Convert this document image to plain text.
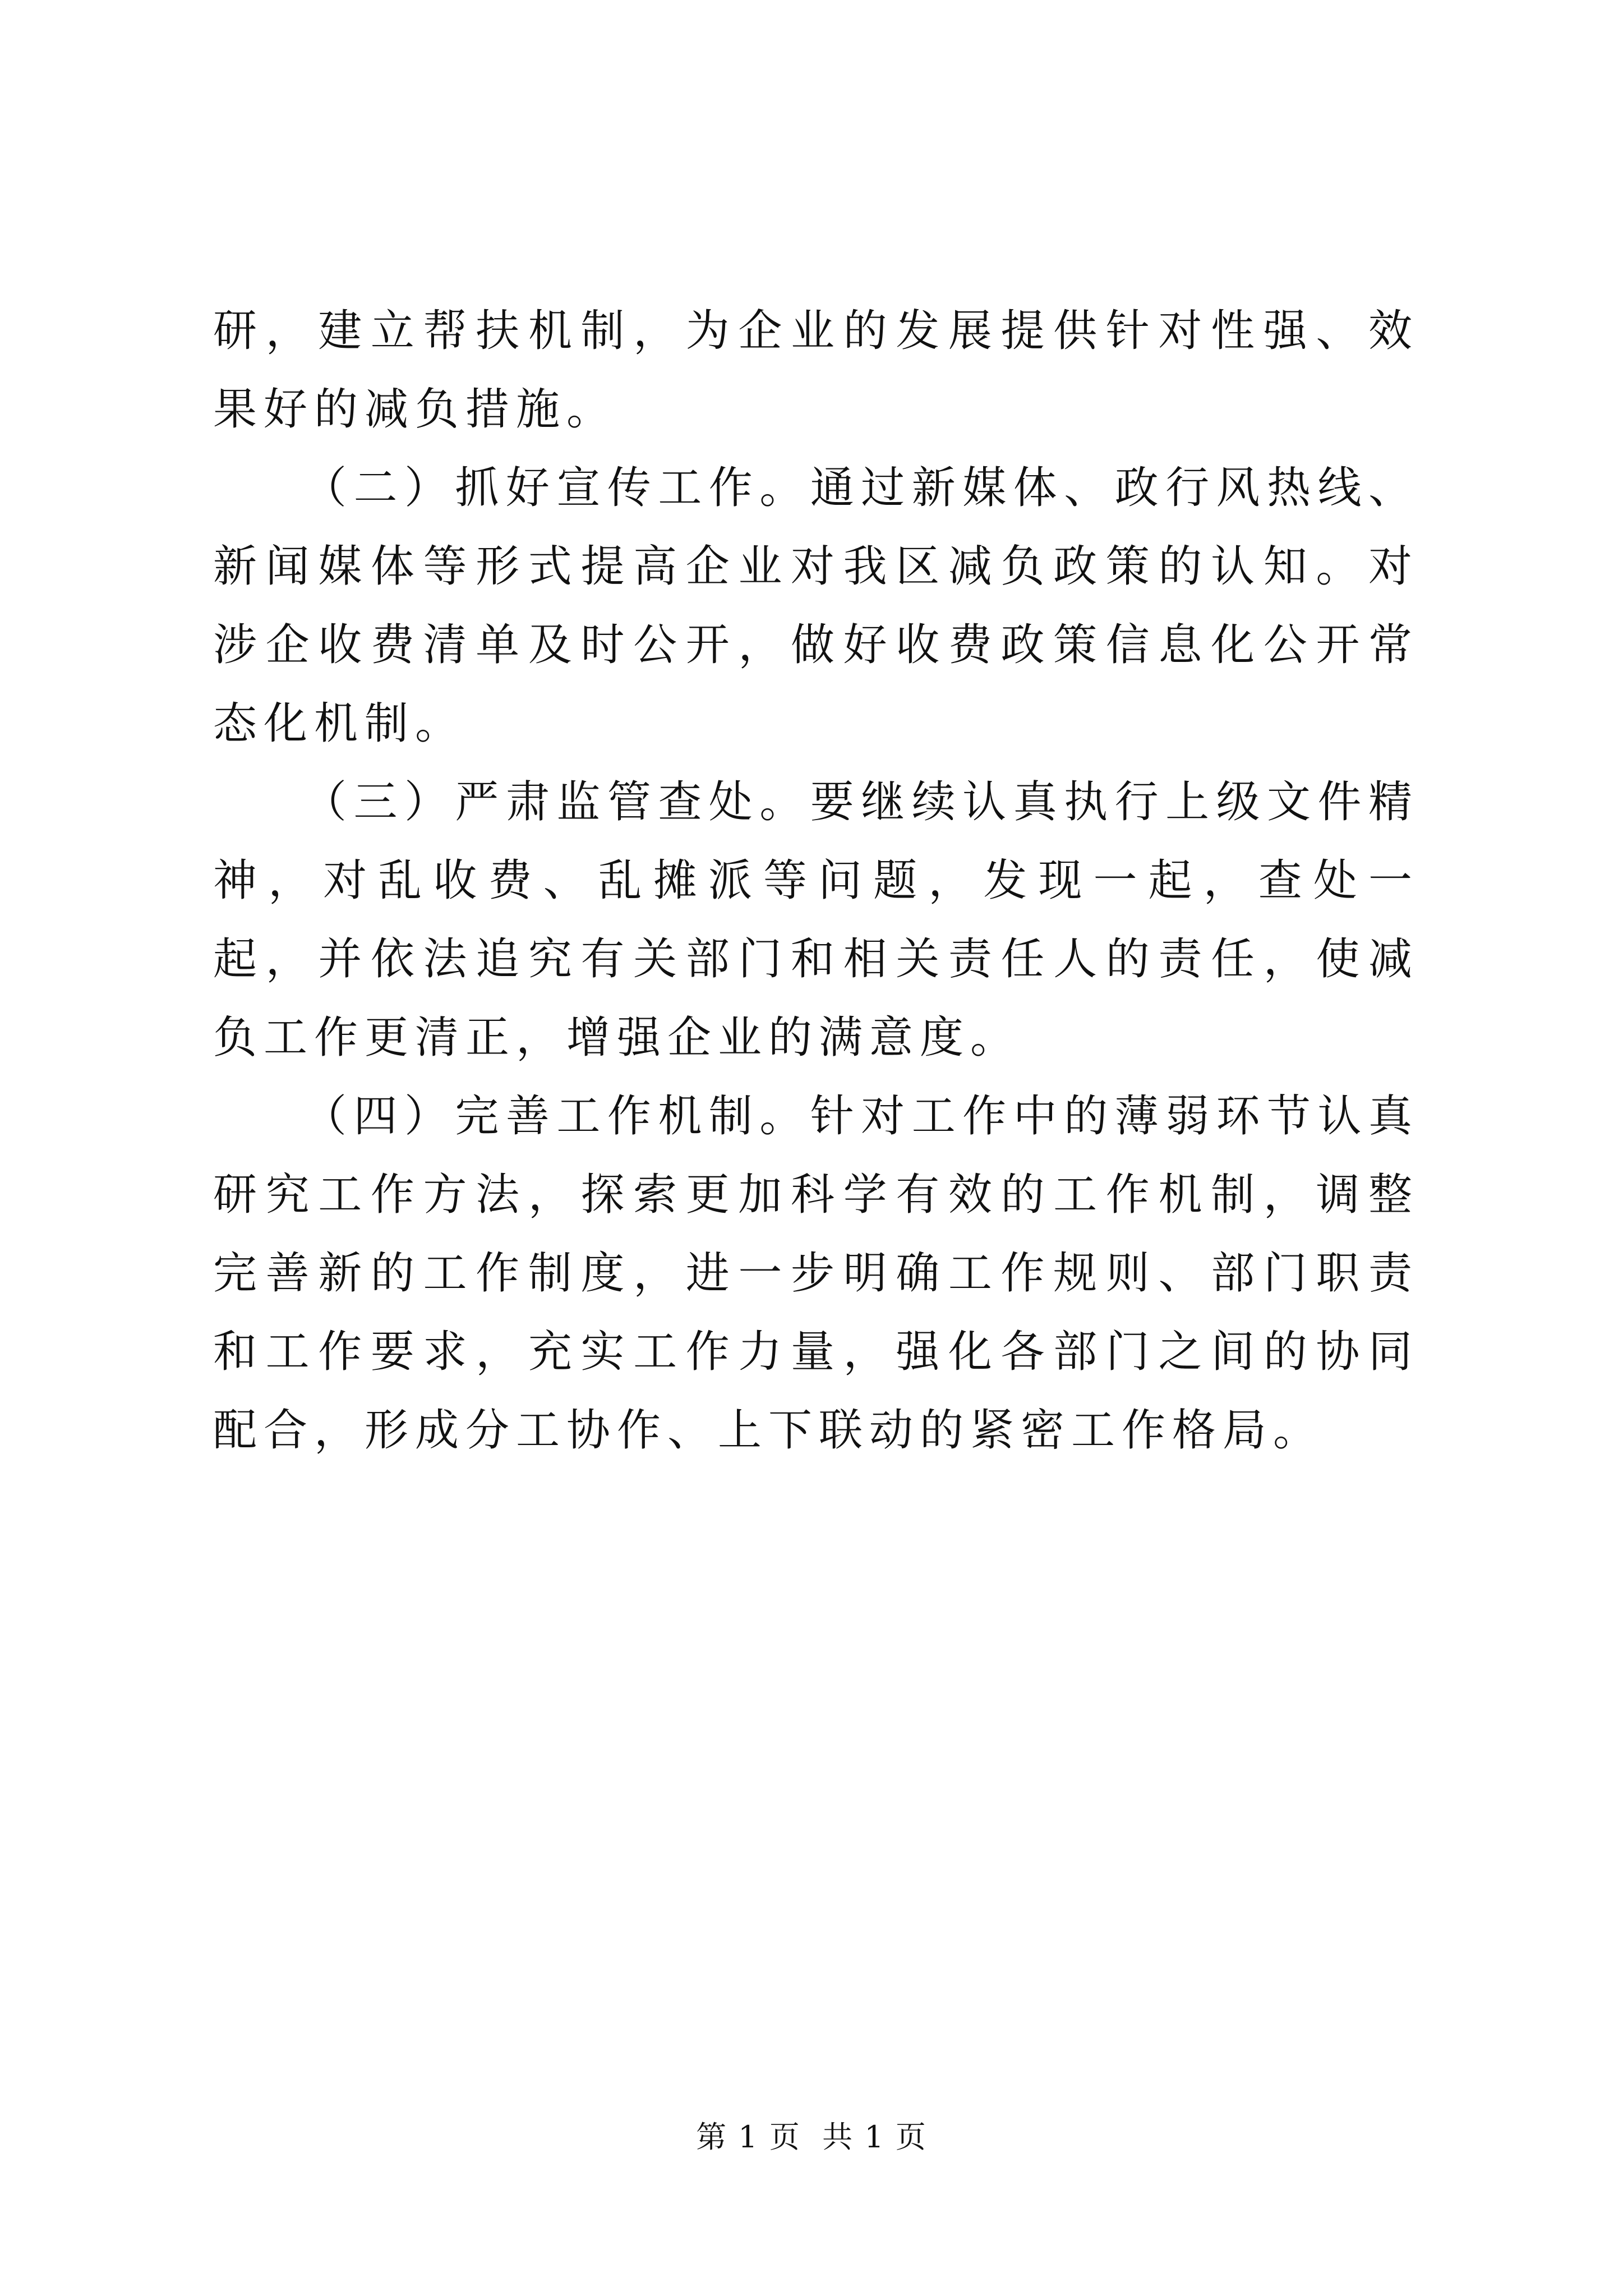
研，建立帮扶机制，为企业的发展提供针对性强、效果好的减负措施。

（二）抓好宣传工作。通过新媒体、政行风热线、新闻媒体等形式提高企业对我区减负政策的认知。对涉企收费清单及时公开，做好收费政策信息化公开常态化机制。

（三）严肃监管查处。要继续认真执行上级文件精神，对乱收费、乱摊派等问题，发现一起，查处一起，并依法追究有关部门和相关责任人的责任，使减负工作更清正，增强企业的满意度。

（四）完善工作机制。针对工作中的薄弱环节认真研究工作方法，探索更加科学有效的工作机制，调整完善新的工作制度，进一步明确工作规则、部门职责和工作要求，充实工作力量，强化各部门之间的协同配合，形成分工协作、上下联动的紧密工作格局。

第 1 页  共 1 页
